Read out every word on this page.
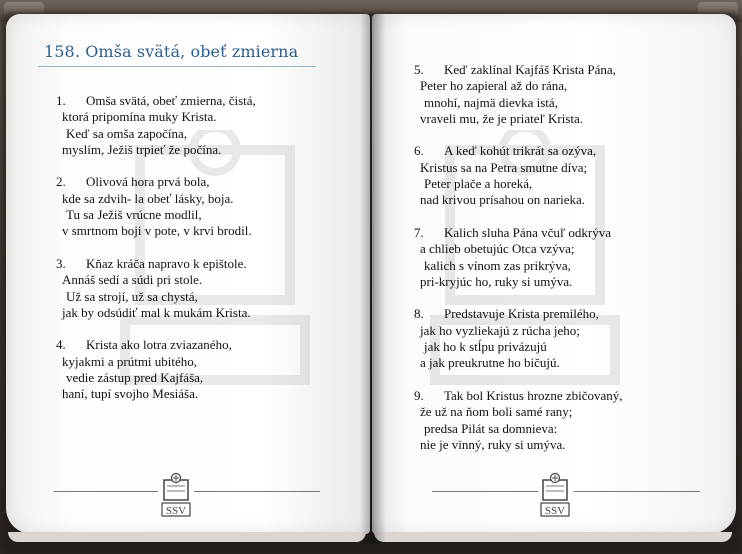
158. Omša svätá, obeť zmierna
1. Omša svätá, obeť zmierna, čistá,
ktorá pripomína muky Krista.
Keď sa omša započína,
myslím, Ježiš trpieť že počína.
2. Olivová hora prvá bola,
kde sa zdvih- la obeť lásky, boja.
Tu sa Ježiš vrúcne modlil,
v smrtnom boji v pote, v krvi brodil.
3. Kňaz kráča napravo k epištole.
Annáš sedí a súdi pri stole.
Už sa strojí, už sa chystá,
jak by odsúdiť mal k mukám Krista.
4. Krista ako lotra zviazaného,
kyjakmi a prútmi ubitého,
vedie zástup pred Kajfáša,
haní, tupí svojho Mesiáša.
5. Keď zaklínal Kajfáš Krista Pána,
Peter ho zapieral až do rána,
mnohí, najmä dievka istá,
vraveli mu, že je priateľ Krista.
6. A keď kohút trikrát sa ozýva,
Kristus sa na Petra smutne díva;
Peter plače a horeká,
nad krivou prísahou on narieka.
7. Kalich sluha Pána včuľ odkrýva
a chlieb obetujúc Otca vzýva;
kalich s vínom zas prikrýva,
pri-kryjúc ho, ruky si umýva.
8. Predstavuje Krista premilého,
jak ho vyzliekajú z rúcha jeho;
jak ho k stĺpu privázujú
a jak preukrutne ho bičujú.
9. Tak bol Kristus hrozne zbičovaný,
že už na ňom boli samé rany;
predsa Pilát sa domnieva:
nie je vinný, ruky si umýva.
SSV	SSV
